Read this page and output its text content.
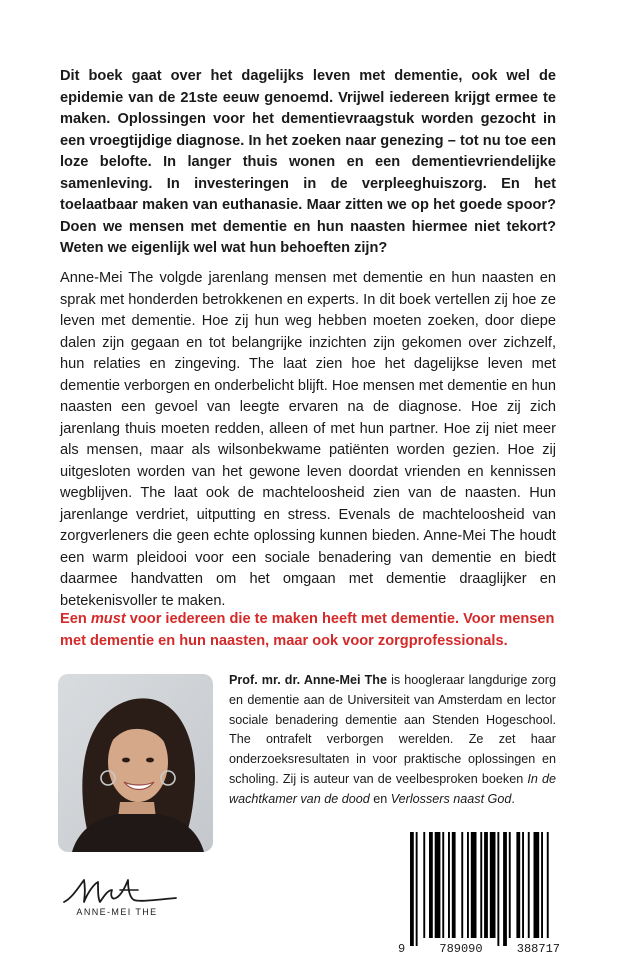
Dit boek gaat over het dagelijks leven met dementie, ook wel de epidemie van de 21ste eeuw genoemd. Vrijwel iedereen krijgt ermee te maken. Oplossingen voor het dementievraagstuk worden gezocht in een vroegtijdige diagnose. In het zoeken naar genezing – tot nu toe een loze belofte. In langer thuis wonen en een dementievriendelijke samenleving. In investeringen in de verpleeghuiszorg. En het toelaatbaar maken van euthanasie. Maar zitten we op het goede spoor? Doen we mensen met dementie en hun naasten hiermee niet tekort? Weten we eigenlijk wel wat hun behoeften zijn?

Anne-Mei The volgde jarenlang mensen met dementie en hun naasten en sprak met honderden betrokkenen en experts. In dit boek vertellen zij hoe ze leven met dementie. Hoe zij hun weg hebben moeten zoeken, door diepe dalen zijn gegaan en tot belangrijke inzichten zijn gekomen over zichzelf, hun relaties en zingeving. The laat zien hoe het dagelijkse leven met dementie verborgen en onderbelicht blijft. Hoe mensen met dementie en hun naasten een gevoel van leegte ervaren na de diagnose. Hoe zij zich jarenlang thuis moeten redden, alleen of met hun partner. Hoe zij niet meer als mensen, maar als wilsonbekwame patiënten worden gezien. Hoe zij uitgesloten worden van het gewone leven doordat vrienden en kennissen wegblijven. The laat ook de machteloosheid zien van de naasten. Hun jarenlange verdriet, uitputting en stress. Evenals de machteloosheid van zorgverleners die geen echte oplossing kunnen bieden. Anne-Mei The houdt een warm pleidooi voor een sociale benadering van dementie en biedt daarmee handvatten om het omgaan met dementie draaglijker en betekenisvoller te maken.

Een must voor iedereen die te maken heeft met dementie. Voor mensen met dementie en hun naasten, maar ook voor zorgprofessionals.

Prof. mr. dr. Anne-Mei The is hoogleraar langdurige zorg en dementie aan de Universiteit van Amsterdam en lector sociale benadering dementie aan Stenden Hogeschool. The ontrafelt verborgen werelden. Ze zet haar onderzoeksresultaten in voor praktische oplossingen en scholing. Zij is auteur van de veelbesproken boeken In de wachtkamer van de dood en Verlossers naast God.

ANNE-MEI THE
9	789090	388717
